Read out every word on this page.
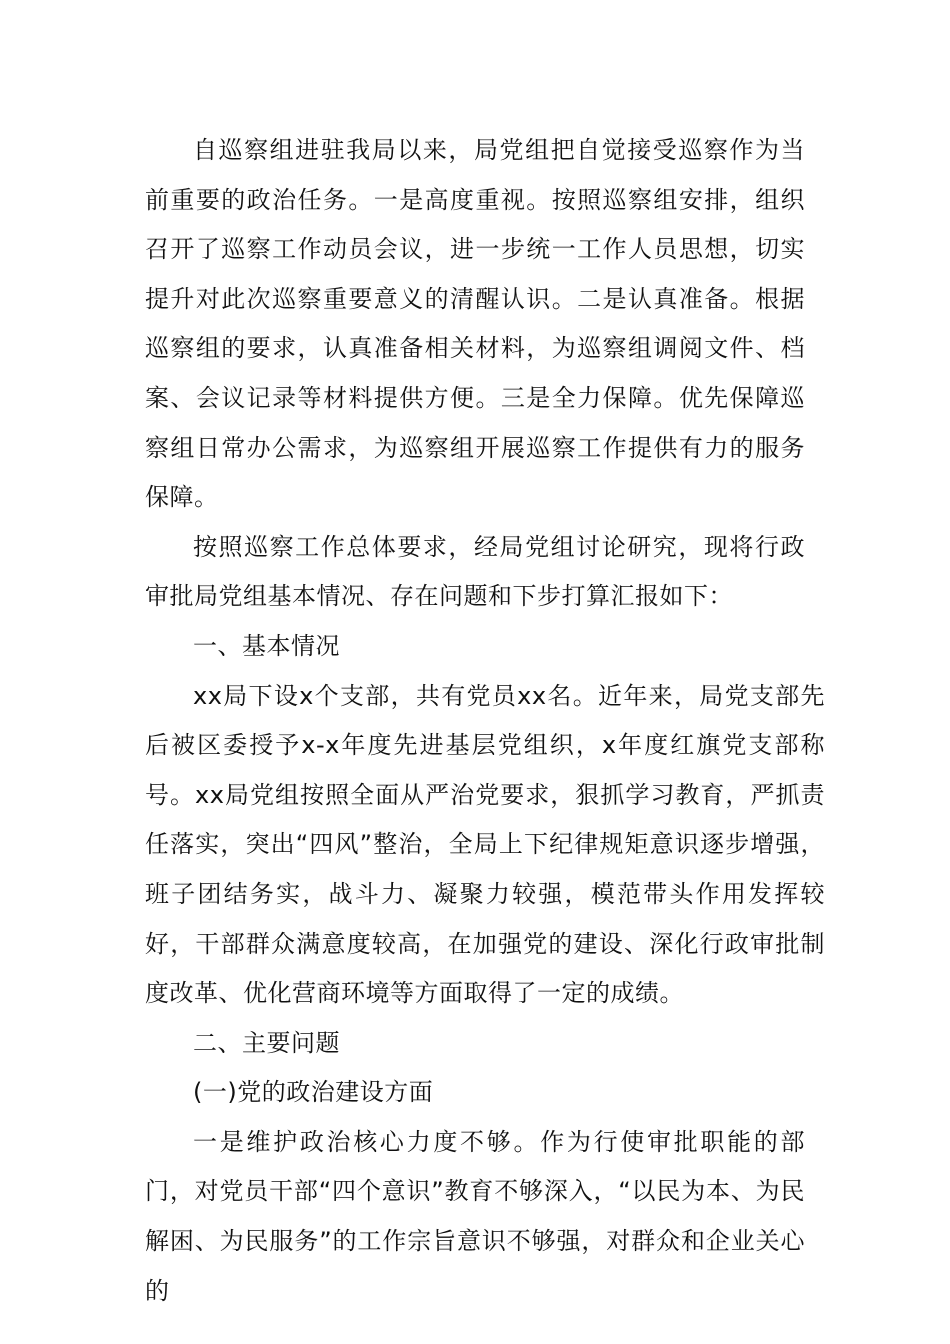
自巡察组进驻我局以来，局党组把自觉接受巡察作为当前重要的政治任务。一是高度重视。按照巡察组安排，组织召开了巡察工作动员会议，进一步统一工作人员思想，切实提升对此次巡察重要意义的清醒认识。二是认真准备。根据巡察组的要求，认真准备相关材料，为巡察组调阅文件、档案、会议记录等材料提供方便。三是全力保障。优先保障巡察组日常办公需求，为巡察组开展巡察工作提供有力的服务保障。

按照巡察工作总体要求，经局党组讨论研究，现将行政审批局党组基本情况、存在问题和下步打算汇报如下：

一、基本情况

xx局下设x个支部，共有党员xx名。近年来，局党支部先后被区委授予x-x年度先进基层党组织，x年度红旗党支部称号。xx局党组按照全面从严治党要求，狠抓学习教育，严抓责任落实，突出“四风”整治，全局上下纪律规矩意识逐步增强，班子团结务实，战斗力、凝聚力较强，模范带头作用发挥较好，干部群众满意度较高，在加强党的建设、深化行政审批制度改革、优化营商环境等方面取得了一定的成绩。

二、主要问题

(一)党的政治建设方面

一是维护政治核心力度不够。作为行使审批职能的部门，对党员干部“四个意识”教育不够深入，“以民为本、为民解困、为民服务”的工作宗旨意识不够强，对群众和企业关心的
